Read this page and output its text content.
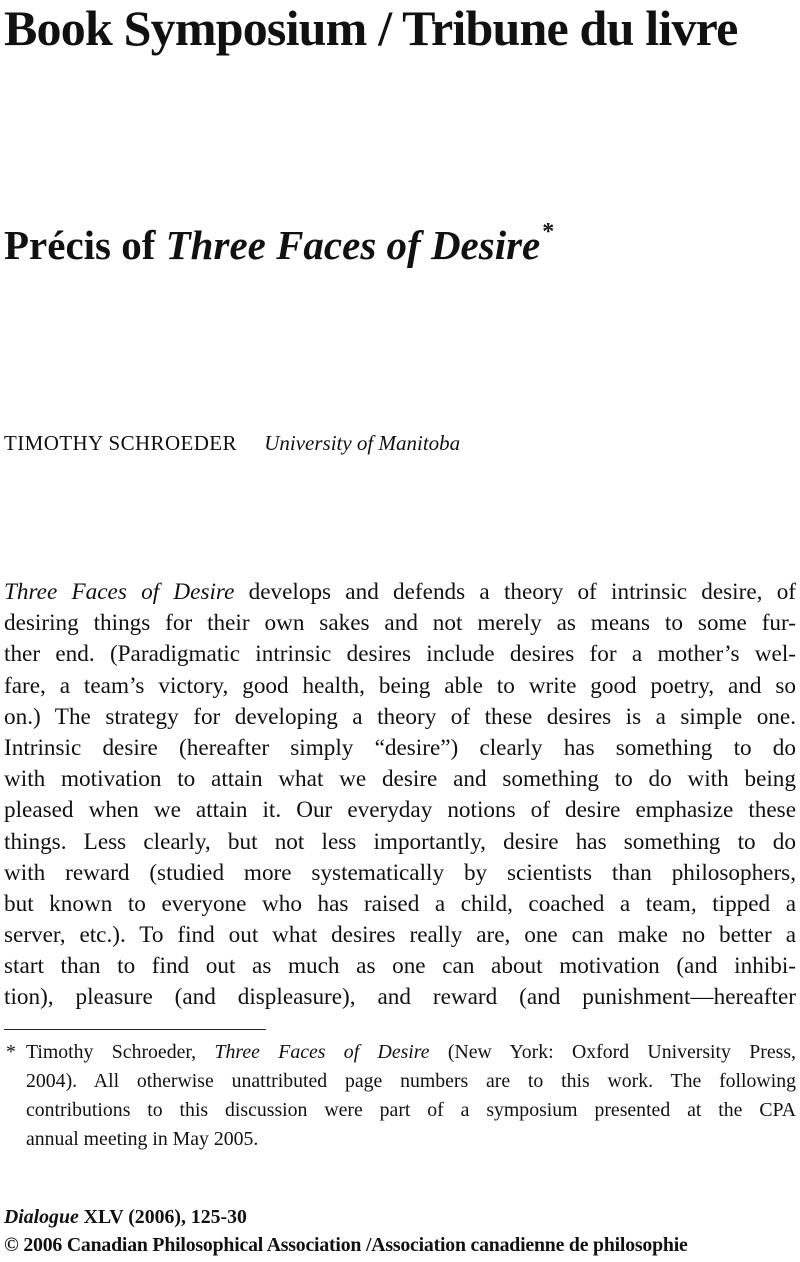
Book Symposium / Tribune du livre
Précis of Three Faces of Desire*
TIMOTHY SCHROEDER University of Manitoba
Three Faces of Desire develops and defends a theory of intrinsic desire, of
desiring things for their own sakes and not merely as means to some fur-
ther end. (Paradigmatic intrinsic desires include desires for a mother’s wel-
fare, a team’s victory, good health, being able to write good poetry, and so
on.) The strategy for developing a theory of these desires is a simple one.
Intrinsic desire (hereafter simply “desire”) clearly has something to do
with motivation to attain what we desire and something to do with being
pleased when we attain it. Our everyday notions of desire emphasize these
things. Less clearly, but not less importantly, desire has something to do
with reward (studied more systematically by scientists than philosophers,
but known to everyone who has raised a child, coached a team, tipped a
server, etc.). To find out what desires really are, one can make no better a
start than to find out as much as one can about motivation (and inhibi-
tion), pleasure (and displeasure), and reward (and punishment—hereafter
* Timothy Schroeder, Three Faces of Desire (New York: Oxford University Press,
2004). All otherwise unattributed page numbers are to this work. The following
contributions to this discussion were part of a symposium presented at the CPA
annual meeting in May 2005.
Dialogue XLV (2006), 125-30
© 2006 Canadian Philosophical Association /Association canadienne de philosophie
